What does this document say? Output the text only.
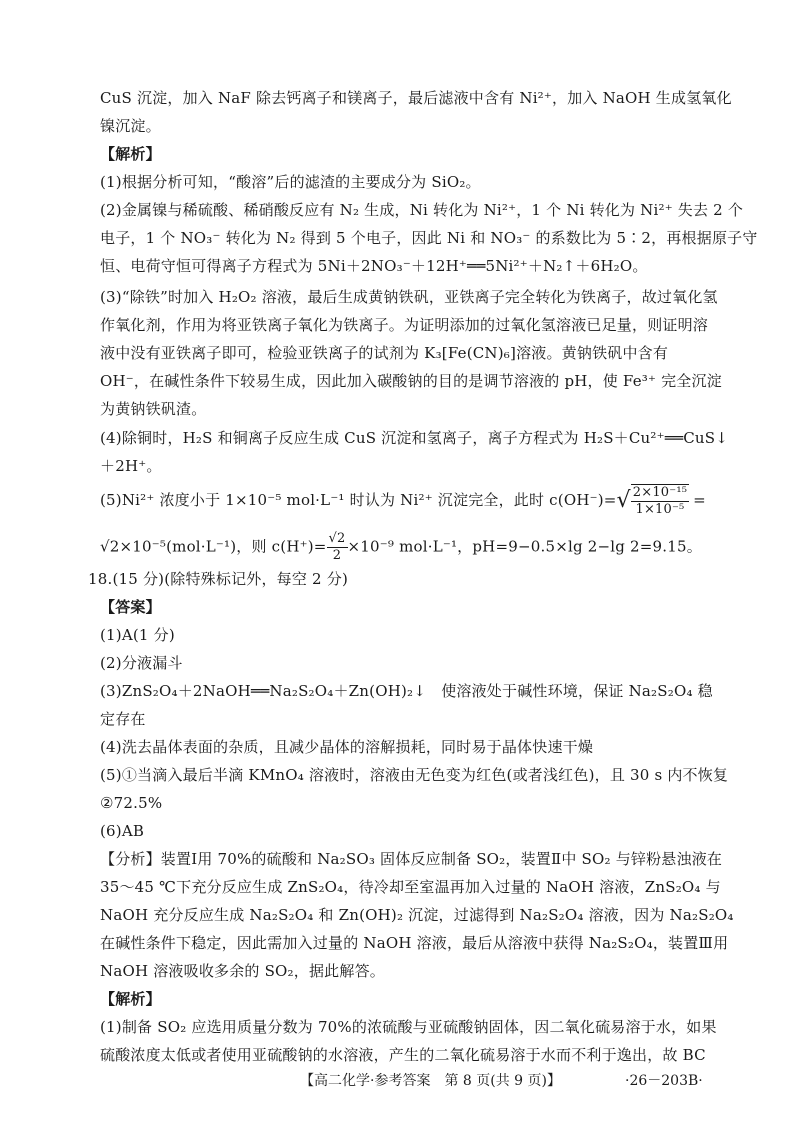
CuS 沉淀，加入 NaF 除去钙离子和镁离子，最后滤液中含有 Ni²⁺，加入 NaOH 生成氢氧化
镍沉淀。
【解析】
(1)根据分析可知，“酸溶”后的滤渣的主要成分为 SiO₂。
(2)金属镍与稀硫酸、稀硝酸反应有 N₂ 生成，Ni 转化为 Ni²⁺，1 个 Ni 转化为 Ni²⁺ 失去 2 个
电子，1 个 NO₃⁻ 转化为 N₂ 得到 5 个电子，因此 Ni 和 NO₃⁻ 的系数比为 5∶2，再根据原子守
恒、电荷守恒可得离子方程式为 5Ni＋2NO₃⁻＋12H⁺══5Ni²⁺＋N₂↑＋6H₂O。
(3)“除铁”时加入 H₂O₂ 溶液，最后生成黄钠铁矾，亚铁离子完全转化为铁离子，故过氧化氢
作氧化剂，作用为将亚铁离子氧化为铁离子。为证明添加的过氧化氢溶液已足量，则证明溶
液中没有亚铁离子即可，检验亚铁离子的试剂为 K₃[Fe(CN)₆]溶液。黄钠铁矾中含有
OH⁻，在碱性条件下较易生成，因此加入碳酸钠的目的是调节溶液的 pH，使 Fe³⁺ 完全沉淀
为黄钠铁矾渣。
(4)除铜时，H₂S 和铜离子反应生成 CuS 沉淀和氢离子，离子方程式为 H₂S＋Cu²⁺══CuS↓
＋2H⁺。
(5)Ni²⁺ 浓度小于 1×10⁻⁵ mol·L⁻¹ 时认为 Ni²⁺ 沉淀完全，此时 $c(OH^-)=√ \frac{\text{2×10⁻¹⁵}}{\text{1×10⁻⁵}}$ =
√2×10⁻⁵(mol·L⁻¹)，则 $c(H^+)= \frac{√2}{2} \times 10^{-9}$ mol·L⁻¹，pH=9−0.5×lg 2−lg 2=9.15。
18.(15 分)(除特殊标记外，每空 2 分)
【答案】
(1)A(1 分)
(2)分液漏斗
(3)ZnS₂O₄＋2NaOH══Na₂S₂O₄＋Zn(OH)₂↓　使溶液处于碱性环境，保证 Na₂S₂O₄ 稳
定存在
(4)洗去晶体表面的杂质，且减少晶体的溶解损耗，同时易于晶体快速干燥
(5)①当滴入最后半滴 KMnO₄ 溶液时，溶液由无色变为红色(或者浅红色)，且 30 s 内不恢复
②72.5%
(6)AB
【分析】装置Ⅰ用 70%的硫酸和 Na₂SO₃ 固体反应制备 SO₂，装置Ⅱ中 SO₂ 与锌粉悬浊液在
35～45 ℃下充分反应生成 ZnS₂O₄，待冷却至室温再加入过量的 NaOH 溶液，ZnS₂O₄ 与
NaOH 充分反应生成 Na₂S₂O₄ 和 Zn(OH)₂ 沉淀，过滤得到 Na₂S₂O₄ 溶液，因为 Na₂S₂O₄
在碱性条件下稳定，因此需加入过量的 NaOH 溶液，最后从溶液中获得 Na₂S₂O₄，装置Ⅲ用
NaOH 溶液吸收多余的 SO₂，据此解答。
【解析】
(1)制备 SO₂ 应选用质量分数为 70%的浓硫酸与亚硫酸钠固体，因二氧化硫易溶于水，如果
硫酸浓度太低或者使用亚硫酸钠的水溶液，产生的二氧化硫易溶于水而不利于逸出，故 BC
【高二化学·参考答案　第 8 页(共 9 页)】	·26－203B·
